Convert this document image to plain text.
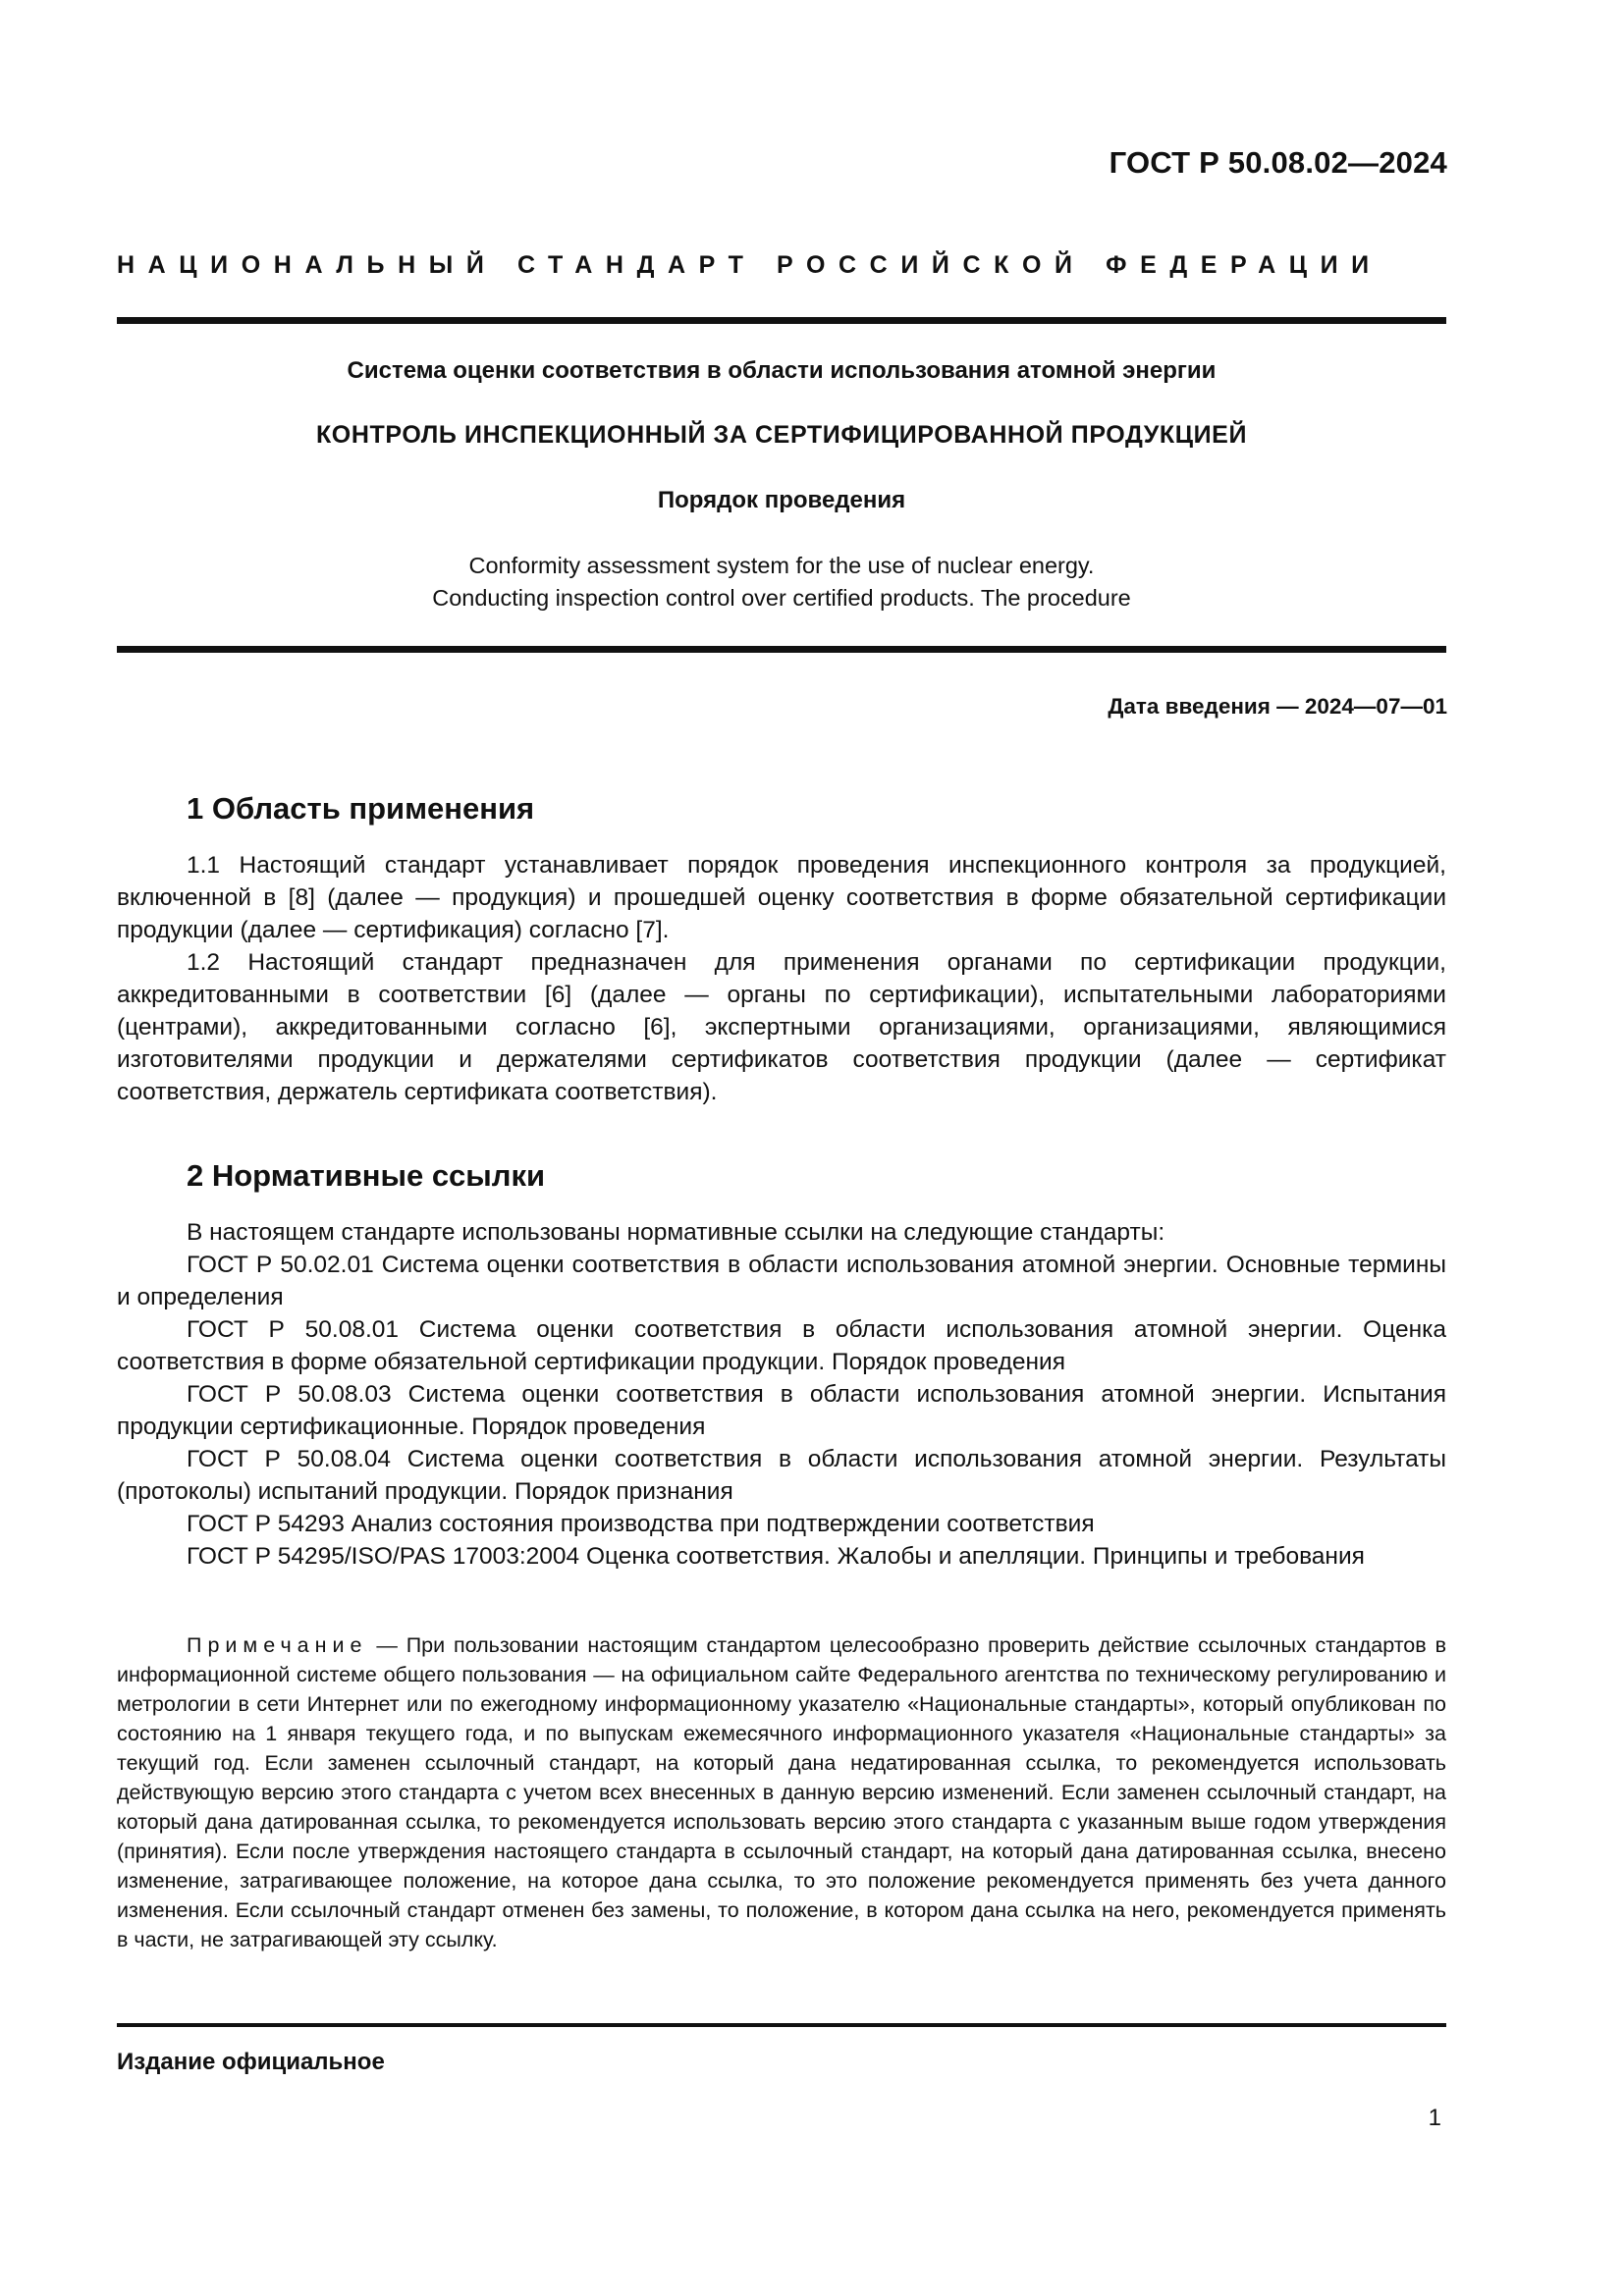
ГОСТ Р 50.08.02—2024
НАЦИОНАЛЬНЫЙ СТАНДАРТ РОССИЙСКОЙ ФЕДЕРАЦИИ
Система оценки соответствия в области использования атомной энергии
КОНТРОЛЬ ИНСПЕКЦИОННЫЙ ЗА СЕРТИФИЦИРОВАННОЙ ПРОДУКЦИЕЙ
Порядок проведения
Conformity assessment system for the use of nuclear energy.
Conducting inspection control over certified products. The procedure
Дата введения — 2024—07—01
1 Область применения

1.1 Настоящий стандарт устанавливает порядок проведения инспекционного контроля за продукцией, включенной в [8] (далее — продукция) и прошедшей оценку соответствия в форме обязательной сертификации продукции (далее — сертификация) согласно [7].

1.2 Настоящий стандарт предназначен для применения органами по сертификации продукции, аккредитованными в соответствии [6] (далее — органы по сертификации), испытательными лабораториями (центрами), аккредитованными согласно [6], экспертными организациями, организациями, являющимися изготовителями продукции и держателями сертификатов соответствия продукции (далее — сертификат соответствия, держатель сертификата соответствия).

2 Нормативные ссылки

В настоящем стандарте использованы нормативные ссылки на следующие стандарты:

ГОСТ Р 50.02.01 Система оценки соответствия в области использования атомной энергии. Основные термины и определения

ГОСТ Р 50.08.01 Система оценки соответствия в области использования атомной энергии. Оценка соответствия в форме обязательной сертификации продукции. Порядок проведения

ГОСТ Р 50.08.03 Система оценки соответствия в области использования атомной энергии. Испытания продукции сертификационные. Порядок проведения

ГОСТ Р 50.08.04 Система оценки соответствия в области использования атомной энергии. Результаты (протоколы) испытаний продукции. Порядок признания

ГОСТ Р 54293 Анализ состояния производства при подтверждении соответствия

ГОСТ Р 54295/ISO/PAS 17003:2004 Оценка соответствия. Жалобы и апелляции. Принципы и требования

Примечание — При пользовании настоящим стандартом целесообразно проверить действие ссылочных стандартов в информационной системе общего пользования — на официальном сайте Федерального агентства по техническому регулированию и метрологии в сети Интернет или по ежегодному информационному указателю «Национальные стандарты», который опубликован по состоянию на 1 января текущего года, и по выпускам ежемесячного информационного указателя «Национальные стандарты» за текущий год. Если заменен ссылочный стандарт, на который дана недатированная ссылка, то рекомендуется использовать действующую версию этого стандарта с учетом всех внесенных в данную версию изменений. Если заменен ссылочный стандарт, на который дана датированная ссылка, то рекомендуется использовать версию этого стандарта с указанным выше годом утверждения (принятия). Если после утверждения настоящего стандарта в ссылочный стандарт, на который дана датированная ссылка, внесено изменение, затрагивающее положение, на которое дана ссылка, то это положение рекомендуется применять без учета данного изменения. Если ссылочный стандарт отменен без замены, то положение, в котором дана ссылка на него, рекомендуется применять в части, не затрагивающей эту ссылку.

Издание официальное
1
